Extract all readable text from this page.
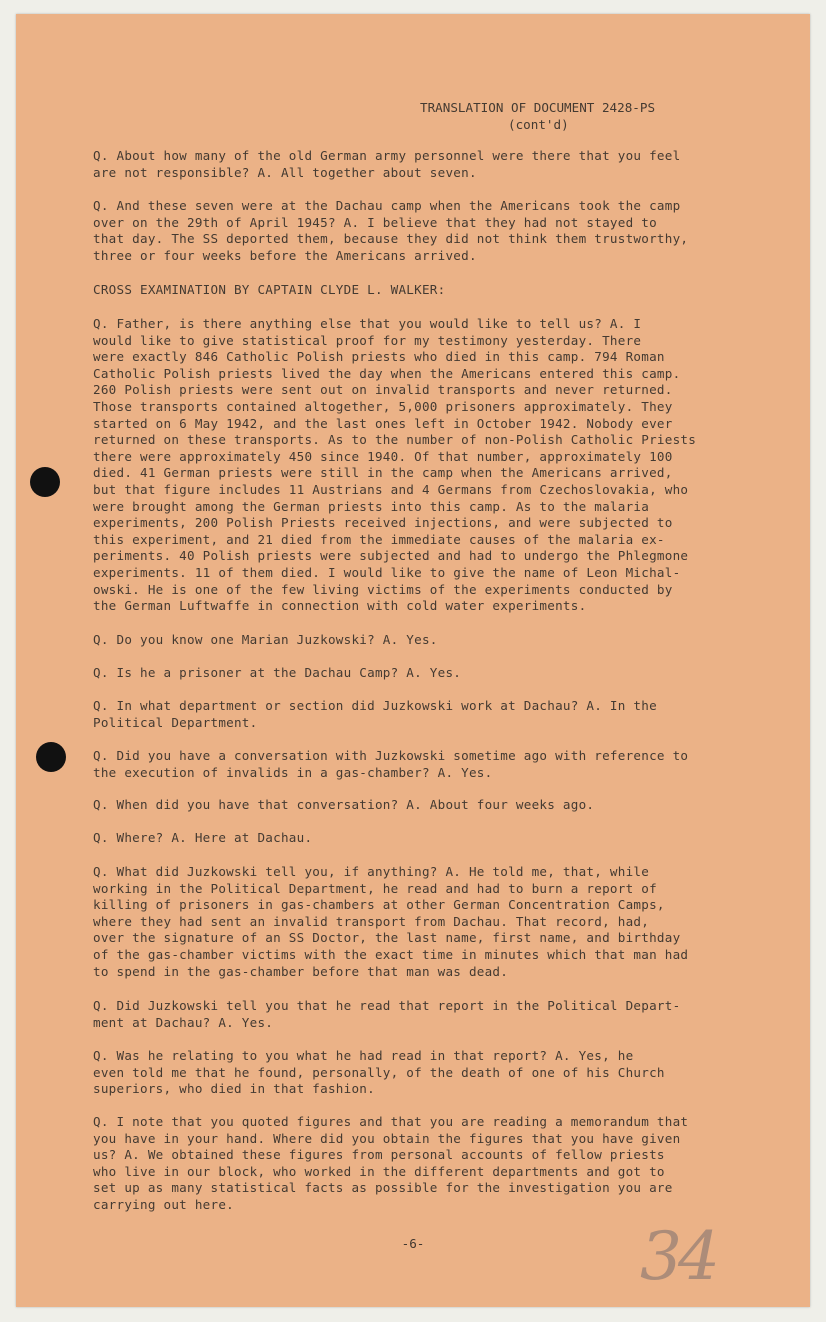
TRANSLATION OF DOCUMENT 2428-PS
(cont'd)
Q. About how many of the old German army personnel were there that you feel
are not responsible? A. All together about seven.
Q. And these seven were at the Dachau camp when the Americans took the camp
over on the 29th of April 1945? A. I believe that they had not stayed to
that day. The SS deported them, because they did not think them trustworthy,
three or four weeks before the Americans arrived.
CROSS EXAMINATION BY CAPTAIN CLYDE L. WALKER:
Q. Father, is there anything else that you would like to tell us? A. I
would like to give statistical proof for my testimony yesterday. There
were exactly 846 Catholic Polish priests who died in this camp. 794 Roman
Catholic Polish priests lived the day when the Americans entered this camp.
260 Polish priests were sent out on invalid transports and never returned.
Those transports contained altogether, 5,000 prisoners approximately. They
started on 6 May 1942, and the last ones left in October 1942. Nobody ever
returned on these transports. As to the number of non-Polish Catholic Priests
there were approximately 450 since 1940. Of that number, approximately 100
died. 41 German priests were still in the camp when the Americans arrived,
but that figure includes 11 Austrians and 4 Germans from Czechoslovakia, who
were brought among the German priests into this camp. As to the malaria
experiments, 200 Polish Priests received injections, and were subjected to
this experiment, and 21 died from the immediate causes of the malaria ex-
periments. 40 Polish priests were subjected and had to undergo the Phlegmone
experiments. 11 of them died. I would like to give the name of Leon Michal-
owski. He is one of the few living victims of the experiments conducted by
the German Luftwaffe in connection with cold water experiments.
Q. Do you know one Marian Juzkowski? A. Yes.
Q. Is he a prisoner at the Dachau Camp? A. Yes.
Q. In what department or section did Juzkowski work at Dachau? A. In the
Political Department.
Q. Did you have a conversation with Juzkowski sometime ago with reference to
the execution of invalids in a gas-chamber? A. Yes.
Q. When did you have that conversation? A. About four weeks ago.
Q. Where? A. Here at Dachau.
Q. What did Juzkowski tell you, if anything? A. He told me, that, while
working in the Political Department, he read and had to burn a report of
killing of prisoners in gas-chambers at other German Concentration Camps,
where they had sent an invalid transport from Dachau. That record, had,
over the signature of an SS Doctor, the last name, first name, and birthday
of the gas-chamber victims with the exact time in minutes which that man had
to spend in the gas-chamber before that man was dead.
Q. Did Juzkowski tell you that he read that report in the Political Depart-
ment at Dachau? A. Yes.
Q. Was he relating to you what he had read in that report? A. Yes, he
even told me that he found, personally, of the death of one of his Church
superiors, who died in that fashion.
Q. I note that you quoted figures and that you are reading a memorandum that
you have in your hand. Where did you obtain the figures that you have given
us? A. We obtained these figures from personal accounts of fellow priests
who live in our block, who worked in the different departments and got to
set up as many statistical facts as possible for the investigation you are
carrying out here.
-6-	34
